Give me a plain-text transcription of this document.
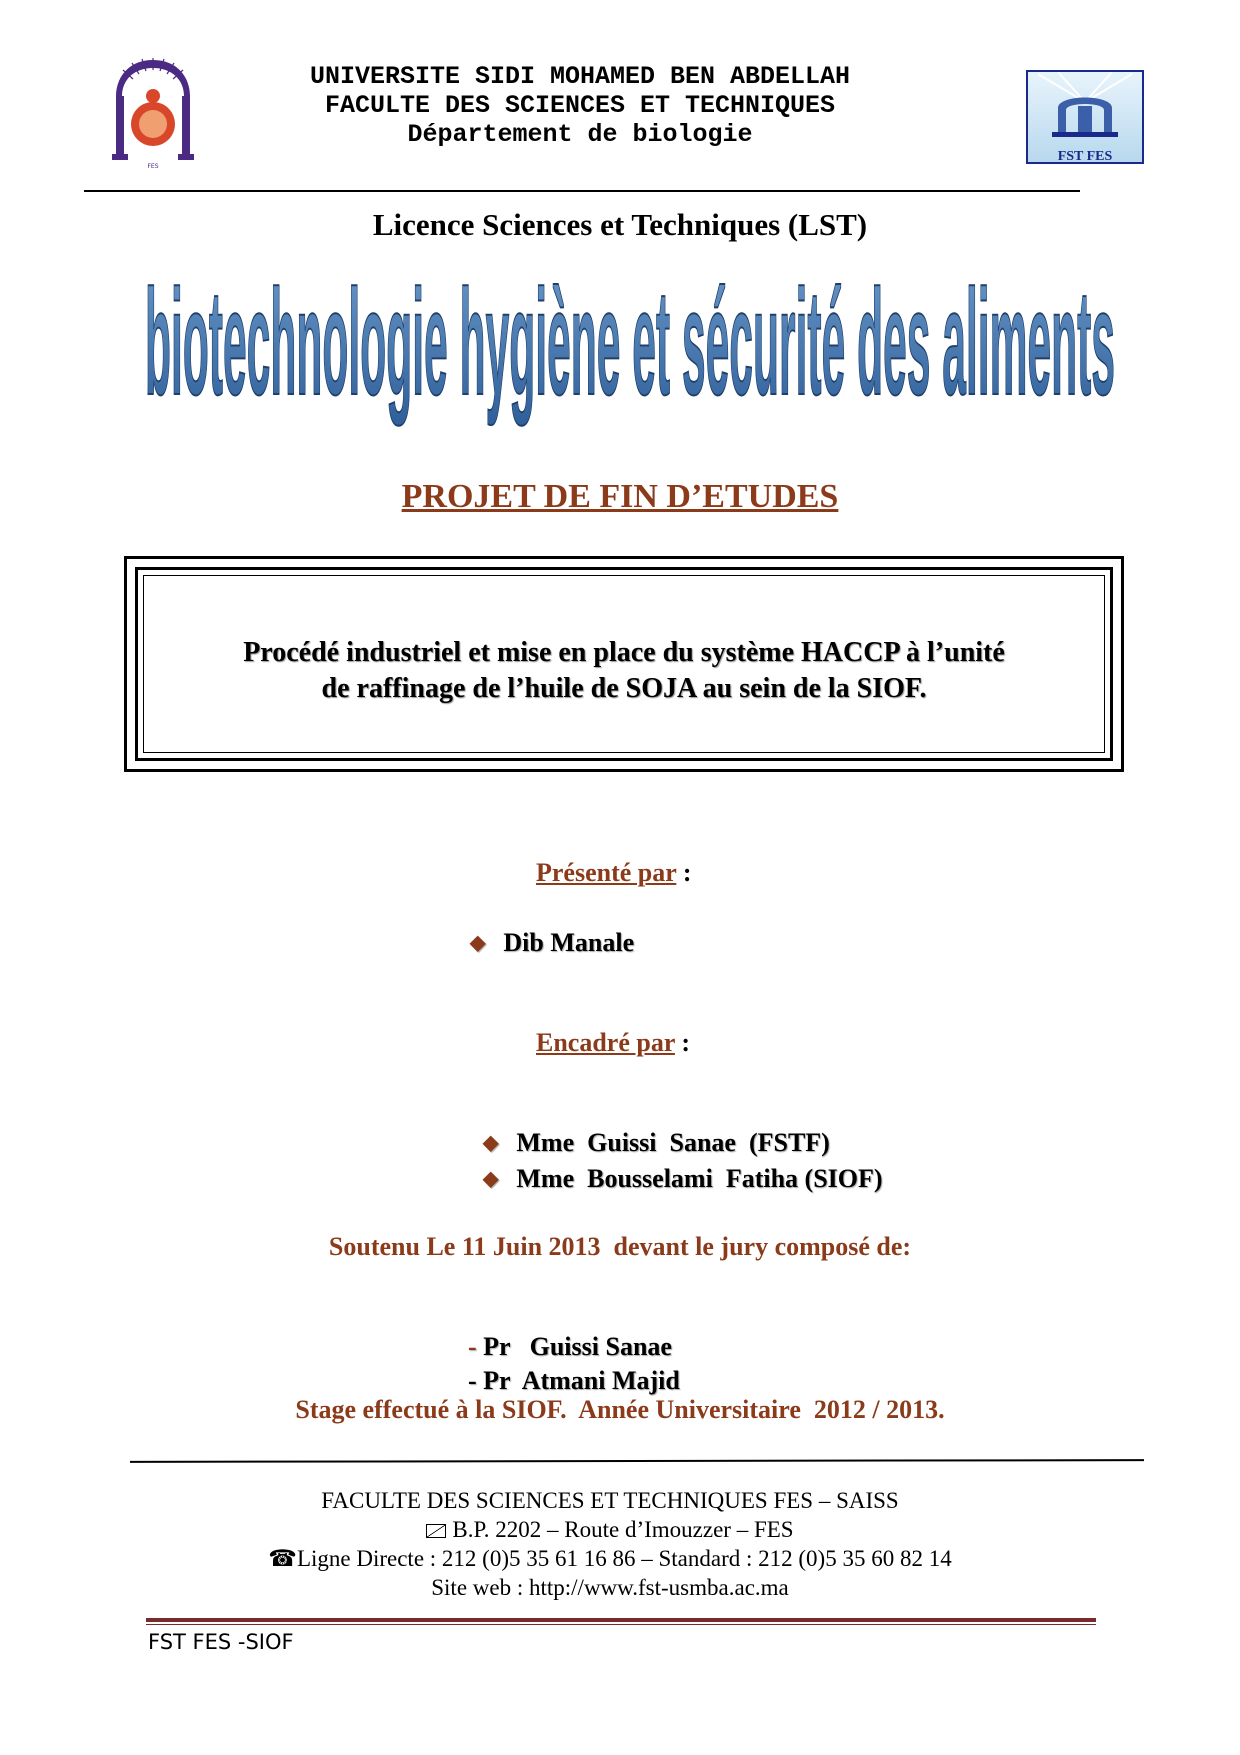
FES
UNIVERSITE SIDI MOHAMED BEN ABDELLAH
FACULTE DES SCIENCES ET TECHNIQUES
Département de biologie
FST FES
Licence Sciences et Techniques (LST)
biotechnologie hygiène et sécurité des aliments
PROJET DE FIN D’ETUDES
Procédé industriel et mise en place du système HACCP à l’unité
de raffinage de l’huile de SOJA au sein de la SIOF.
Présenté par :
◆ Dib Manale
Encadré par :

◆ Mme  Guissi  Sanae  (FSTF)

◆ Mme  Bousselami  Fatiha (SIOF)

Soutenu Le 11 Juin 2013  devant le jury composé de:

- Pr   Guissi Sanae

- Pr  Atmani Majid

Stage effectué à la SIOF.  Année Universitaire  2012 / 2013.
FACULTE DES SCIENCES ET TECHNIQUES FES – SAISS
B.P. 2202 – Route d’Imouzzer – FES
☎Ligne Directe : 212 (0)5 35 61 16 86 – Standard : 212 (0)5 35 60 82 14
Site web : http://www.fst-usmba.ac.ma
FST FES -SIOF
